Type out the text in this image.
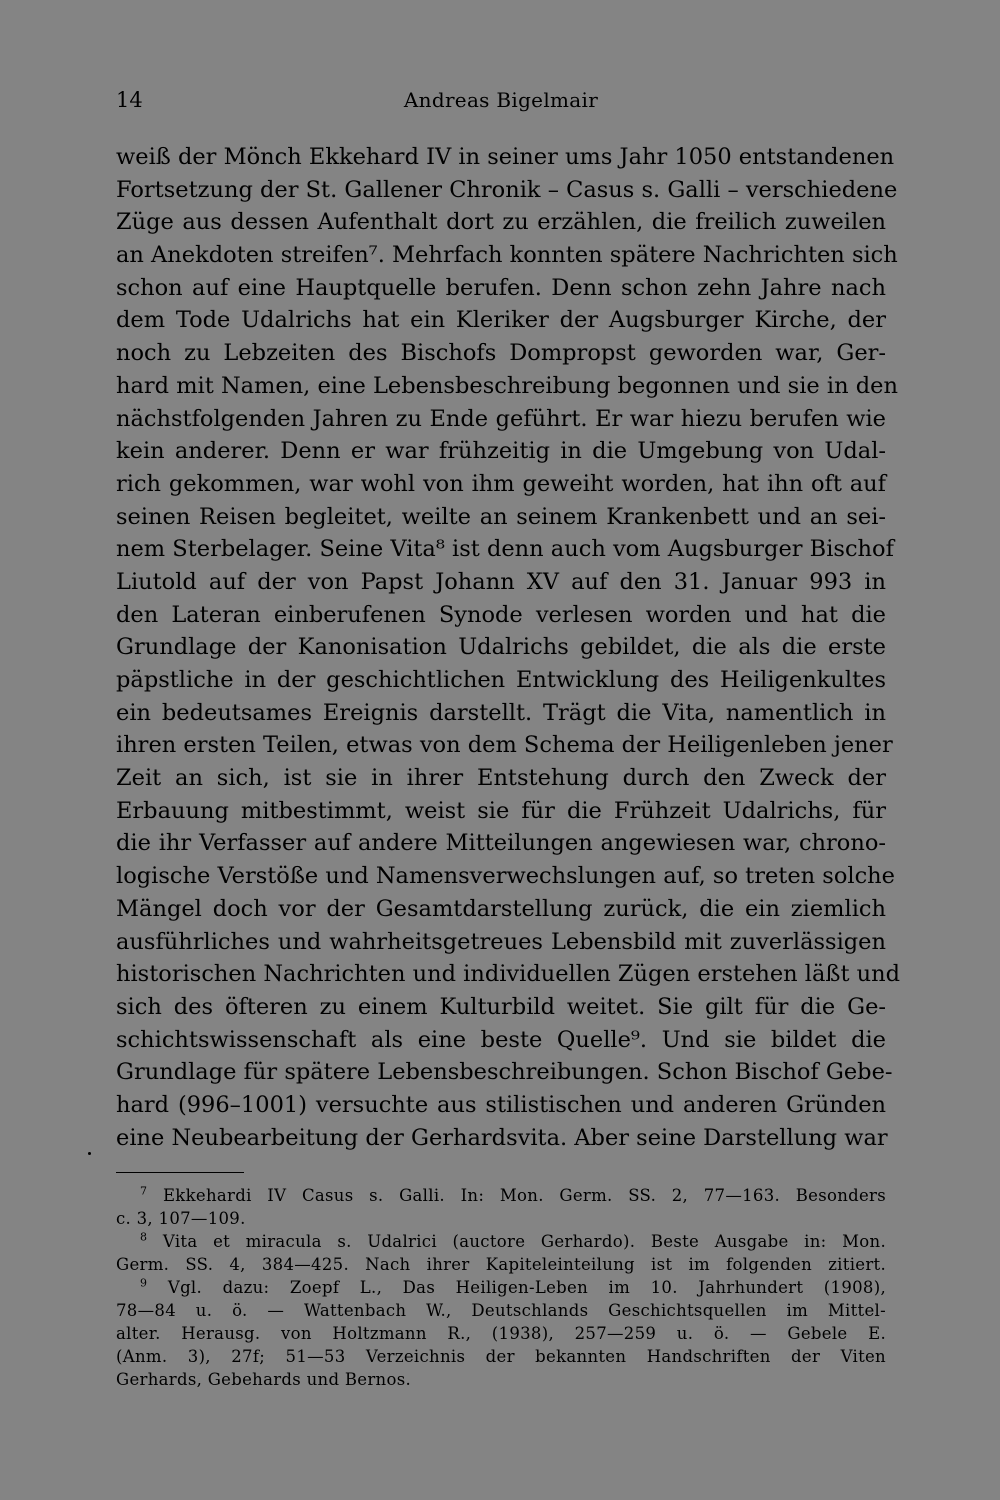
14	Andreas Bigelmair
weiß der Mönch Ekkehard IV in seiner ums Jahr 1050 entstandenen
Fortsetzung der St. Gallener Chronik – Casus s. Galli – verschiedene
Züge aus dessen Aufenthalt dort zu erzählen, die freilich zuweilen
an Anekdoten streifen⁷. Mehrfach konnten spätere Nachrichten sich
schon auf eine Hauptquelle berufen. Denn schon zehn Jahre nach
dem Tode Udalrichs hat ein Kleriker der Augsburger Kirche, der
noch zu Lebzeiten des Bischofs Dompropst geworden war, Ger-
hard mit Namen, eine Lebensbeschreibung begonnen und sie in den
nächstfolgenden Jahren zu Ende geführt. Er war hiezu berufen wie
kein anderer. Denn er war frühzeitig in die Umgebung von Udal-
rich gekommen, war wohl von ihm geweiht worden, hat ihn oft auf
seinen Reisen begleitet, weilte an seinem Krankenbett und an sei-
nem Sterbelager. Seine Vita⁸ ist denn auch vom Augsburger Bischof
Liutold auf der von Papst Johann XV auf den 31. Januar 993 in
den Lateran einberufenen Synode verlesen worden und hat die
Grundlage der Kanonisation Udalrichs gebildet, die als die erste
päpstliche in der geschichtlichen Entwicklung des Heiligenkultes
ein bedeutsames Ereignis darstellt. Trägt die Vita, namentlich in
ihren ersten Teilen, etwas von dem Schema der Heiligenleben jener
Zeit an sich, ist sie in ihrer Entstehung durch den Zweck der
Erbauung mitbestimmt, weist sie für die Frühzeit Udalrichs, für
die ihr Verfasser auf andere Mitteilungen angewiesen war, chrono-
logische Verstöße und Namensverwechslungen auf, so treten solche
Mängel doch vor der Gesamtdarstellung zurück, die ein ziemlich
ausführliches und wahrheitsgetreues Lebensbild mit zuverlässigen
historischen Nachrichten und individuellen Zügen erstehen läßt und
sich des öfteren zu einem Kulturbild weitet. Sie gilt für die Ge-
schichtswissenschaft als eine beste Quelle⁹. Und sie bildet die
Grundlage für spätere Lebensbeschreibungen. Schon Bischof Gebe-
hard (996–1001) versuchte aus stilistischen und anderen Gründen
eine Neubearbeitung der Gerhardsvita. Aber seine Darstellung war
$^7$ Ekkehardi IV Casus s. Galli. In: Mon. Germ. SS. 2, 77—163. Besonders
c. 3, 107—109.
$^8$ Vita et miracula s. Udalrici (auctore Gerhardo). Beste Ausgabe in: Mon.
Germ. SS. 4, 384—425. Nach ihrer Kapiteleinteilung ist im folgenden zitiert.
$^9$ Vgl. dazu: Zoepf L., Das Heiligen-Leben im 10. Jahrhundert (1908),
78—84 u. ö. — Wattenbach W., Deutschlands Geschichtsquellen im Mittel-
alter. Herausg. von Holtzmann R., (1938), 257—259 u. ö. — Gebele E.
(Anm. 3), 27f; 51—53 Verzeichnis der bekannten Handschriften der Viten
Gerhards, Gebehards und Bernos.
